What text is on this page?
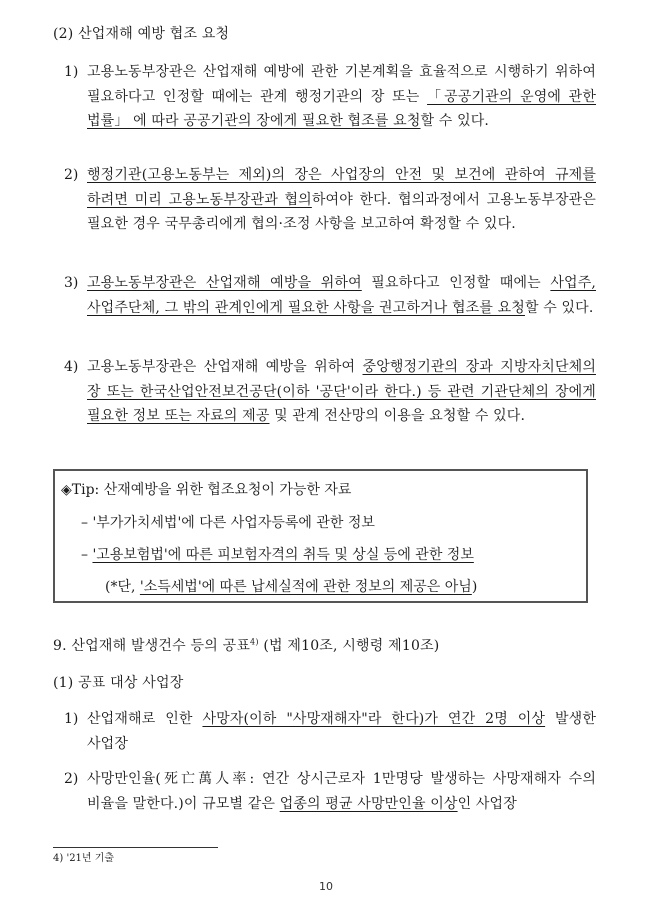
(2) 산업재해 예방 협조 요청
1) 고용노동부장관은 산업재해 예방에 관한 기본계획을 효율적으로 시행하기 위하여 필요하다고 인정할 때에는 관계 행정기관의 장 또는 「공공기관의 운영에 관한 법률」 에 따라 공공기관의 장에게 필요한 협조를 요청할 수 있다.
2) 행정기관(고용노동부는 제외)의 장은 사업장의 안전 및 보건에 관하여 규제를 하려면 미리 고용노동부장관과 협의하여야 한다. 협의과정에서 고용노동부장관은 필요한 경우 국무총리에게 협의·조정 사항을 보고하여 확정할 수 있다.
3) 고용노동부장관은 산업재해 예방을 위하여 필요하다고 인정할 때에는 사업주, 사업주단체, 그 밖의 관계인에게 필요한 사항을 권고하거나 협조를 요청할 수 있다.
4) 고용노동부장관은 산업재해 예방을 위하여 중앙행정기관의 장과 지방자치단체의 장 또는 한국산업안전보건공단(이하 '공단'이라 한다.) 등 관련 기관단체의 장에게 필요한 정보 또는 자료의 제공 및 관계 전산망의 이용을 요청할 수 있다.
◈Tip: 산재예방을 위한 협조요청이 가능한 자료
– '부가가치세법'에 다른 사업자등록에 관한 정보
– '고용보험법'에 따른 피보험자격의 취득 및 상실 등에 관한 정보
(*단, '소득세법'에 따른 납세실적에 관한 정보의 제공은 아님)
9. 산업재해 발생건수 등의 공표$^{4)}$ (법 제10조, 시행령 제10조)
(1) 공표 대상 사업장
1) 산업재해로 인한 사망자(이하 "사망재해자"라 한다)가 연간 2명 이상 발생한 사업장
2) 사망만인율(死亡萬人率: 연간 상시근로자 1만명당 발생하는 사망재해자 수의 비율을 말한다.)이 규모별 같은 업종의 평균 사망만인율 이상인 사업장
4) '21년 기출
10
